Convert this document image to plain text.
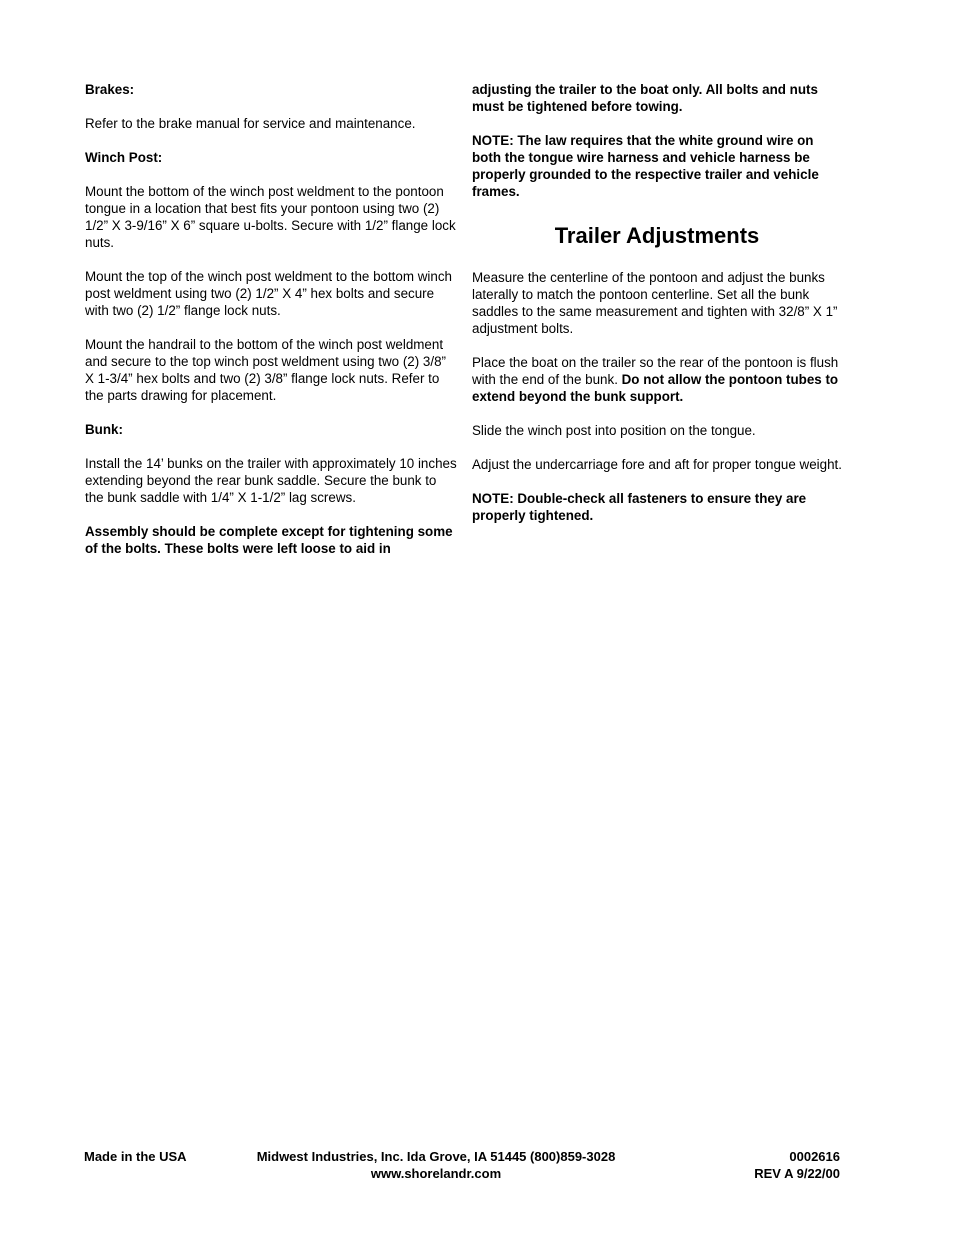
Brakes:

Refer to the brake manual for service and maintenance.

Winch Post:

Mount the bottom of the winch post weldment to the pontoon tongue in a location that best fits your pontoon using two (2) 1/2” X 3-9/16” X 6” square u-bolts. Secure with 1/2” flange lock nuts.

Mount the top of the winch post weldment to the bottom winch post weldment using two (2) 1/2” X 4” hex bolts and secure with two (2) 1/2” flange lock nuts.

Mount the handrail to the bottom of the winch post weldment and secure to the top winch post weldment using two (2) 3/8” X 1-3/4” hex bolts and two (2) 3/8” flange lock nuts. Refer to the parts drawing for placement.

Bunk:

Install the 14’ bunks on the trailer with approximately 10 inches extending beyond the rear bunk saddle. Secure the bunk to the bunk saddle with 1/4” X 1-1/2” lag screws.

Assembly should be complete except for tightening some of the bolts. These bolts were left loose to aid in

adjusting the trailer to the boat only. All bolts and nuts must be tightened before towing.

NOTE: The law requires that the white ground wire on both the tongue wire harness and vehicle harness be properly grounded to the respective trailer and vehicle frames.

Trailer Adjustments

Measure the centerline of the pontoon and adjust the bunks laterally to match the pontoon centerline. Set all the bunk saddles to the same measurement and tighten with 32/8” X 1” adjustment bolts.

Place the boat on the trailer so the rear of the pontoon is flush with the end of the bunk. Do not allow the pontoon tubes to extend beyond the bunk support.

Slide the winch post into position on the tongue.

Adjust the undercarriage fore and aft for proper tongue weight.

NOTE: Double-check all fasteners to ensure they are properly tightened.

Made in the USA	Midwest Industries, Inc. Ida Grove, IA 51445 (800)859-3028
www.shorelandr.com
0002616
REV A 9/22/00
